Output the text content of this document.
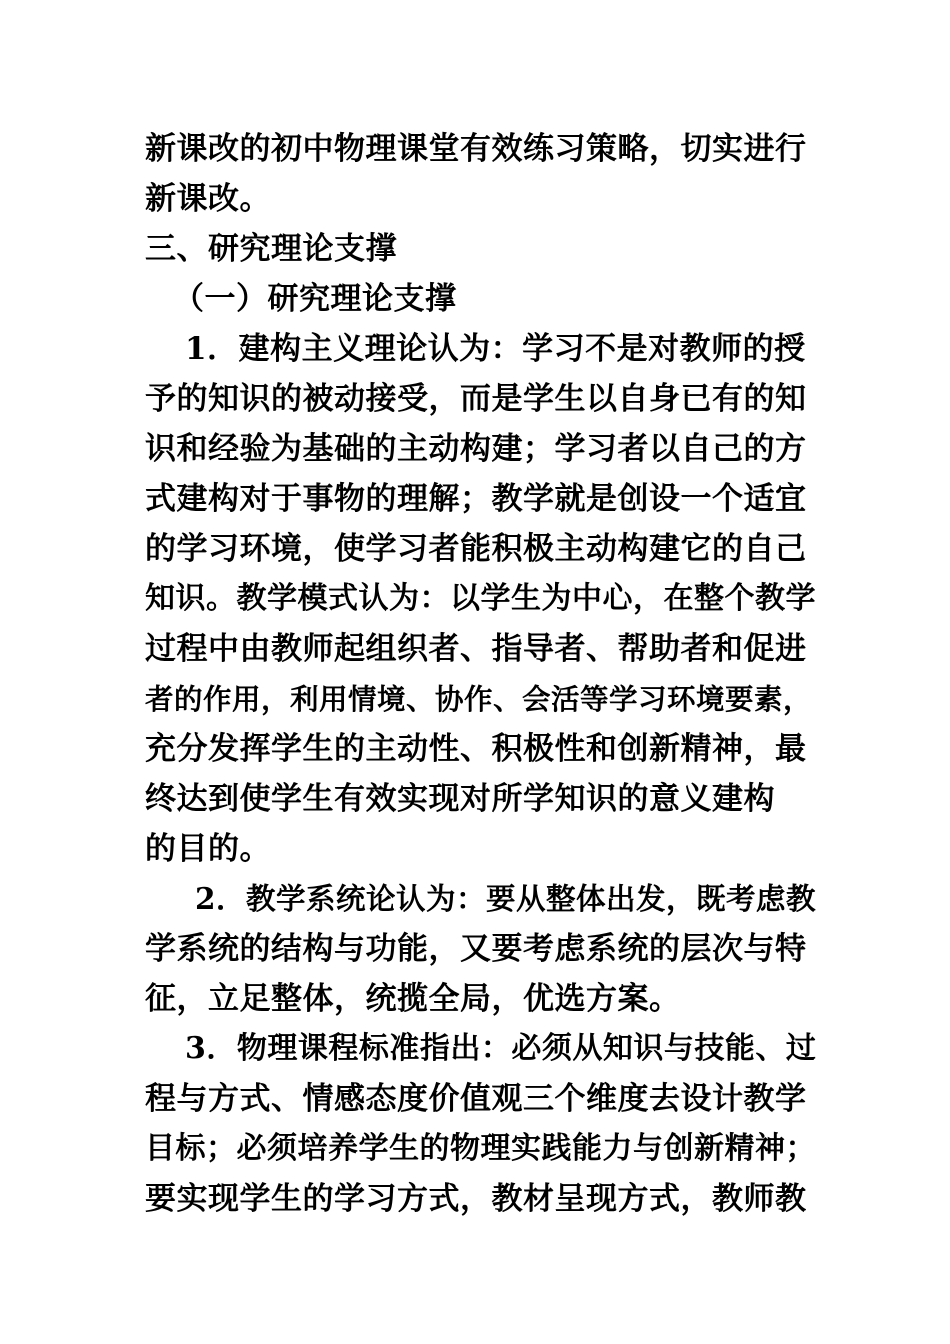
新课改的初中物理课堂有效练习策略，切实进行
新课改。
三、研究理论支撑
（一）研究理论支撑
1．建构主义理论认为：学习不是对教师的授
予的知识的被动接受，而是学生以自身已有的知
识和经验为基础的主动构建；学习者以自己的方
式建构对于事物的理解；教学就是创设一个适宜
的学习环境，使学习者能积极主动构建它的自己
知识。教学模式认为：以学生为中心，在整个教学
过程中由教师起组织者、指导者、帮助者和促进
者的作用，利用情境、协作、会活等学习环境要素，
充分发挥学生的主动性、积极性和创新精神，最
终达到使学生有效实现对所学知识的意义建构
的目的。
2．教学系统论认为：要从整体出发，既考虑教
学系统的结构与功能，又要考虑系统的层次与特
征，立足整体，统揽全局，优选方案。
3．物理课程标准指出：必须从知识与技能、过
程与方式、情感态度价值观三个维度去设计教学
目标；必须培养学生的物理实践能力与创新精神；
要实现学生的学习方式，教材呈现方式，教师教
